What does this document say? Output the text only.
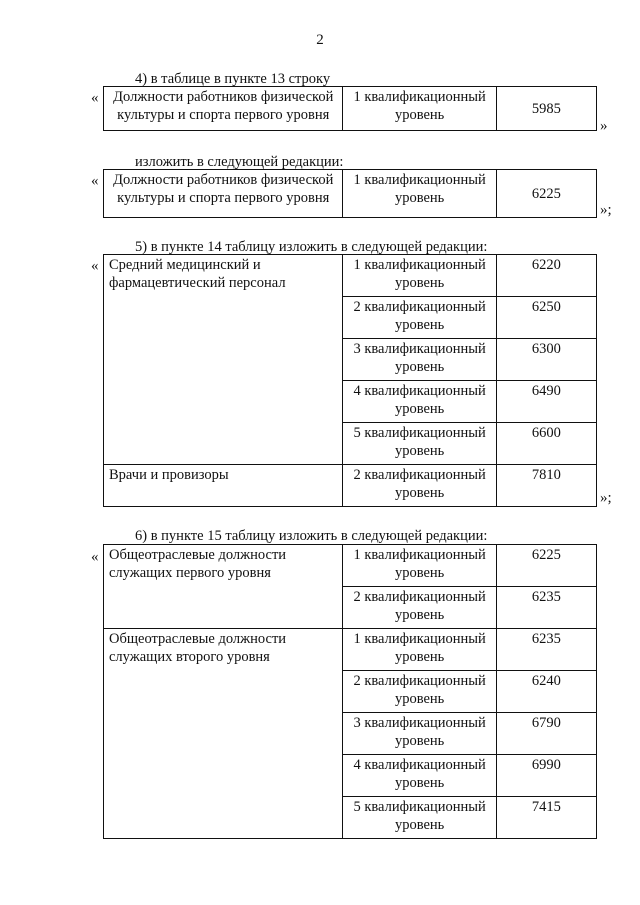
2
4) в таблице в пункте 13 строку
« Должности работников физической культуры и спорта первого уровня	1 квалификационный уровень	5985
»
изложить в следующей редакции:
« Должности работников физической культуры и спорта первого уровня	1 квалификационный уровень	6225
»;
5) в пункте 14 таблицу изложить в следующей редакции:
« Средний медицинский и фармацевтический персонал	1 квалификационный уровень	6220
	2 квалификационный уровень	6250
	3 квалификационный уровень	6300
	4 квалификационный уровень	6490
	5 квалификационный уровень	6600
Врачи и провизоры	2 квалификационный уровень	7810
»;
6) в пункте 15 таблицу изложить в следующей редакции:
« Общеотраслевые должности служащих первого уровня	1 квалификационный уровень	6225
	2 квалификационный уровень	6235
Общеотраслевые должности служащих второго уровня	1 квалификационный уровень	6235
	2 квалификационный уровень	6240
	3 квалификационный уровень	6790
	4 квалификационный уровень	6990
	5 квалификационный уровень	7415
